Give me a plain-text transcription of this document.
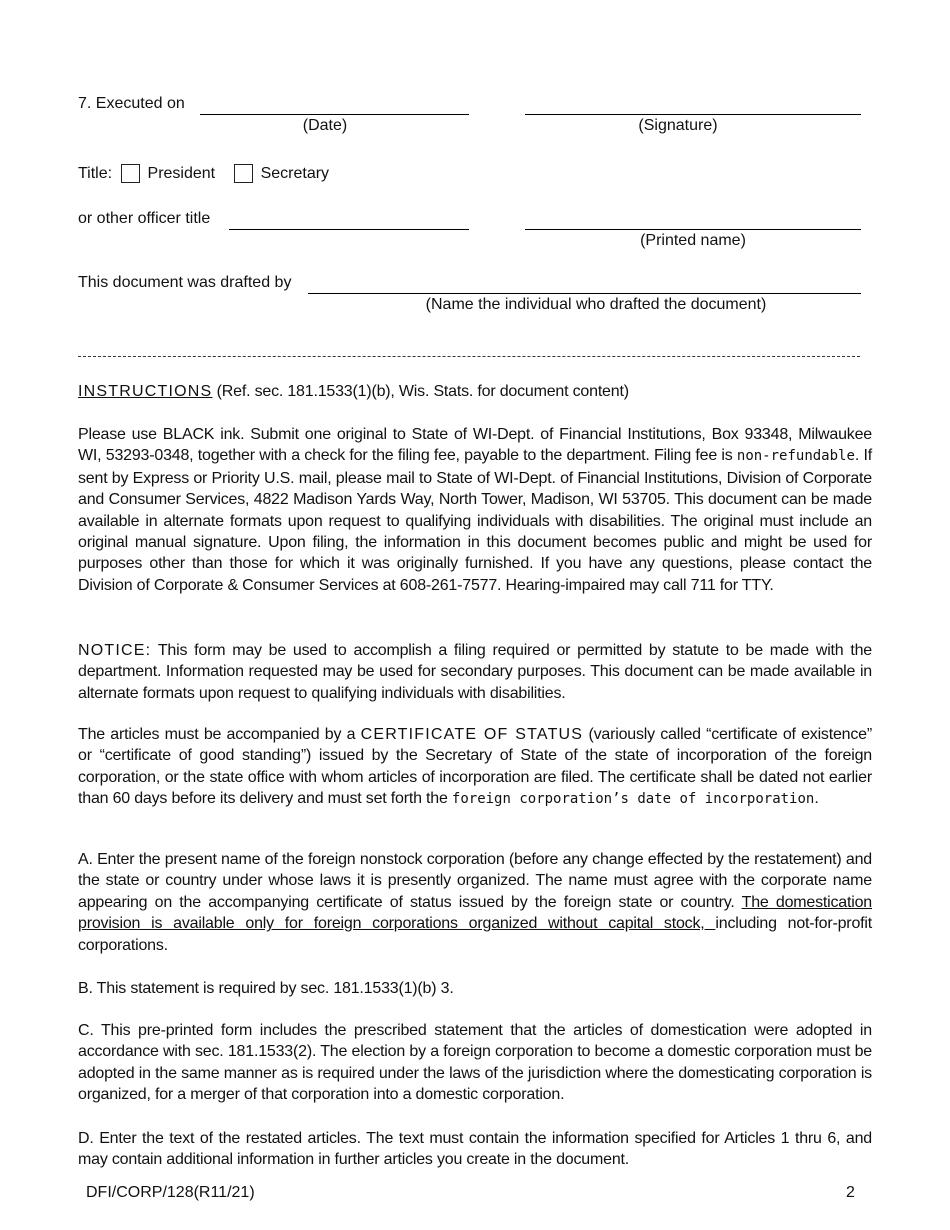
7. Executed on
(Date)	(Signature)
Title: President	Secretary
or other officer title
(Printed name)
This document was drafted by
(Name the individual who drafted the document)
INSTRUCTIONS (Ref. sec. 181.1533(1)(b), Wis. Stats. for document content)
Please use BLACK ink. Submit one original to State of WI-Dept. of Financial Institutions, Box 93348, Milwaukee WI, 53293-0348, together with a check for the filing fee, payable to the department. Filing fee is non-refundable. If sent by Express or Priority U.S. mail, please mail to State of WI-Dept. of Financial Institutions, Division of Corporate and Consumer Services, 4822 Madison Yards Way, North Tower, Madison, WI 53705. This document can be made available in alternate formats upon request to qualifying individuals with disabilities. The original must include an original manual signature. Upon filing, the information in this document becomes public and might be used for purposes other than those for which it was originally furnished. If you have any questions, please contact the Division of Corporate & Consumer Services at 608-261-7577. Hearing-impaired may call 711 for TTY.
NOTICE: This form may be used to accomplish a filing required or permitted by statute to be made with the department. Information requested may be used for secondary purposes. This document can be made available in alternate formats upon request to qualifying individuals with disabilities.
The articles must be accompanied by a CERTIFICATE OF STATUS (variously called “certificate of existence” or “certificate of good standing”) issued by the Secretary of State of the state of incorporation of the foreign corporation, or the state office with whom articles of incorporation are filed. The certificate shall be dated not earlier than 60 days before its delivery and must set forth the foreign corporation’s date of incorporation.
A. Enter the present name of the foreign nonstock corporation (before any change effected by the restatement) and the state or country under whose laws it is presently organized. The name must agree with the corporate name appearing on the accompanying certificate of status issued by the foreign state or country. The domestication provision is available only for foreign corporations organized without capital stock, including not-for-profit corporations.
B. This statement is required by sec. 181.1533(1)(b) 3.
C. This pre-printed form includes the prescribed statement that the articles of domestication were adopted in accordance with sec. 181.1533(2). The election by a foreign corporation to become a domestic corporation must be adopted in the same manner as is required under the laws of the jurisdiction where the domesticating corporation is organized, for a merger of that corporation into a domestic corporation.
D. Enter the text of the restated articles. The text must contain the information specified for Articles 1 thru 6, and may contain additional information in further articles you create in the document.
DFI/CORP/128(R11/21)	2
